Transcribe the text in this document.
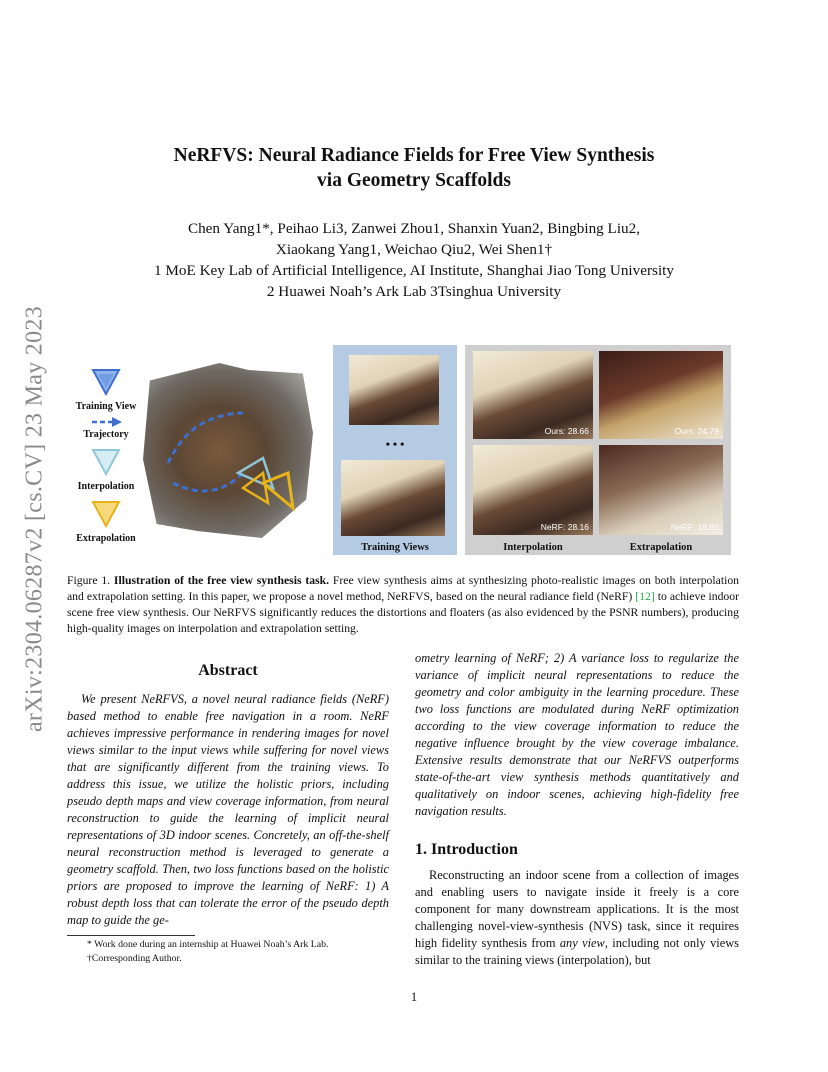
arXiv:2304.06287v2 [cs.CV] 23 May 2023
NeRFVS: Neural Radiance Fields for Free View Synthesis
via Geometry Scaffolds
Chen Yang1*, Peihao Li3, Zanwei Zhou1, Shanxin Yuan2, Bingbing Liu2,
Xiaokang Yang1, Weichao Qiu2, Wei Shen1†
1 MoE Key Lab of Artificial Intelligence, AI Institute, Shanghai Jiao Tong University
2 Huawei Noah’s Ark Lab 3Tsinghua University
Training View
Trajectory
Interpolation
Extrapolation
• • •
Training Views
Ours: 28.66	Ours: 24.79
NeRF: 28.16	NeRF: 18.91
Interpolation	Extrapolation
Figure 1. Illustration of the free view synthesis task. Free view synthesis aims at synthesizing photo-realistic images on both interpolation and extrapolation setting. In this paper, we propose a novel method, NeRFVS, based on the neural radiance field (NeRF) [12] to achieve indoor scene free view synthesis. Our NeRFVS significantly reduces the distortions and floaters (as also evidenced by the PSNR numbers), producing high-quality images on interpolation and extrapolation setting.
Abstract
We present NeRFVS, a novel neural radiance fields (NeRF) based method to enable free navigation in a room. NeRF achieves impressive performance in rendering images for novel views similar to the input views while suffering for novel views that are significantly different from the training views. To address this issue, we utilize the holistic priors, including pseudo depth maps and view coverage information, from neural reconstruction to guide the learning of implicit neural representations of 3D indoor scenes. Concretely, an off-the-shelf neural reconstruction method is leveraged to generate a geometry scaffold. Then, two loss functions based on the holistic priors are proposed to improve the learning of NeRF: 1) A robust depth loss that can tolerate the error of the pseudo depth map to guide the ge-
ometry learning of NeRF; 2) A variance loss to regularize the variance of implicit neural representations to reduce the geometry and color ambiguity in the learning procedure. These two loss functions are modulated during NeRF optimization according to the view coverage information to reduce the negative influence brought by the view coverage imbalance. Extensive results demonstrate that our NeRFVS outperforms state-of-the-art view synthesis methods quantitatively and qualitatively on indoor scenes, achieving high-fidelity free navigation results.
1. Introduction
Reconstructing an indoor scene from a collection of images and enabling users to navigate inside it freely is a core component for many downstream applications. It is the most challenging novel-view-synthesis (NVS) task, since it requires high fidelity synthesis from any view, including not only views similar to the training views (interpolation), but
* Work done during an internship at Huawei Noah’s Ark Lab.
†Corresponding Author.
1
